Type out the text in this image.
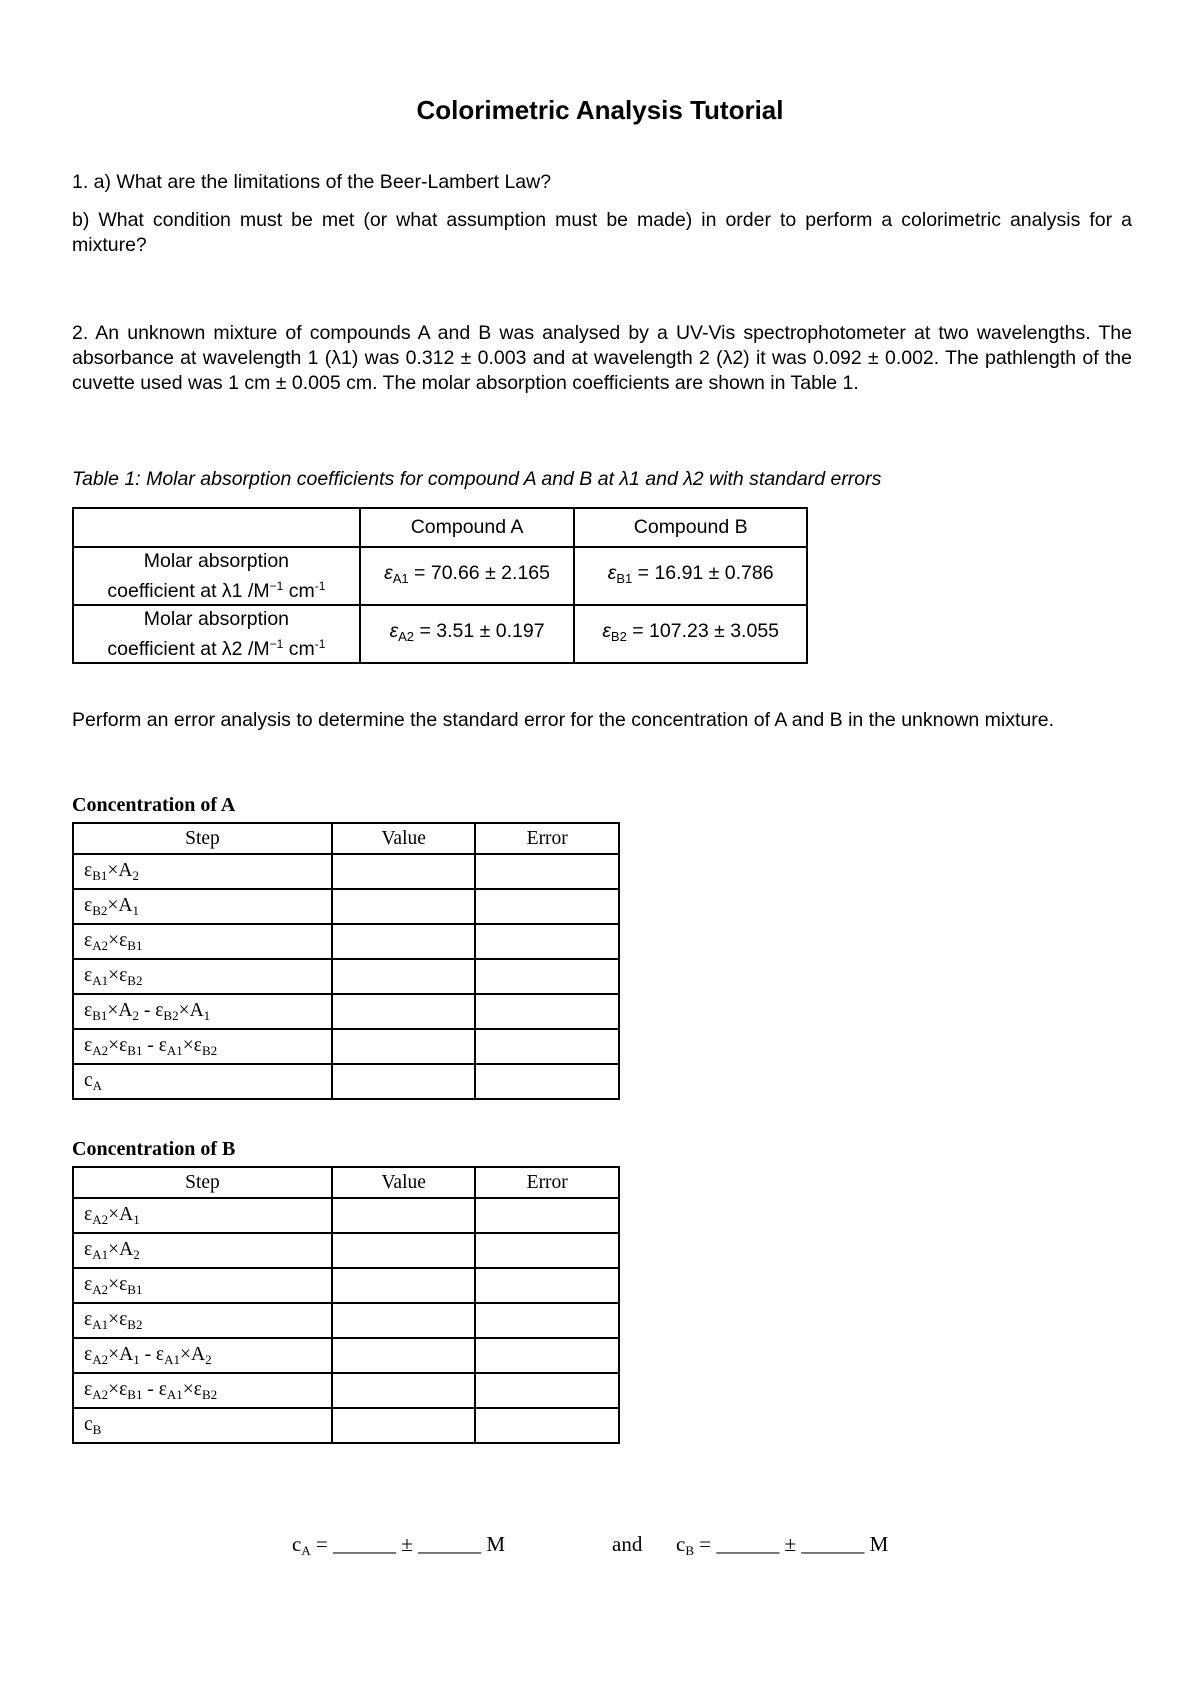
Colorimetric Analysis Tutorial
1. a) What are the limitations of the Beer-Lambert Law?
b) What condition must be met (or what assumption must be made) in order to perform a colorimetric analysis for a mixture?
2. An unknown mixture of compounds A and B was analysed by a UV-Vis spectrophotometer at two wavelengths. The absorbance at wavelength 1 (λ1) was 0.312 ± 0.003 and at wavelength 2 (λ2) it was 0.092 ± 0.002. The pathlength of the cuvette used was 1 cm ± 0.005 cm. The molar absorption coefficients are shown in Table 1.
Table 1: Molar absorption coefficients for compound A and B at λ1 and λ2 with standard errors
	Compound A	Compound B
Molar absorption
coefficient at λ1 $/M^{-1}$ $cm^{-1}$	$\varepsilon_{A1} = 70.66 \pm 2.165$	$\varepsilon_{B1} = 16.91 \pm 0.786$
Molar absorption
coefficient at λ2 $/M^{-1}$ $cm^{-1}$	$\varepsilon_{A2} = 3.51 \pm 0.197$	$\varepsilon_{B2} = 107.23 \pm 3.055$
Perform an error analysis to determine the standard error for the concentration of A and B in the unknown mixture.
Concentration of A
Step	Value	Error
$\varepsilon_{B1}\times A_2$		
$\varepsilon_{B2}\times A_1$		
$\varepsilon_{A2}\times\varepsilon_{B1}$		
$\varepsilon_{A1}\times\varepsilon_{B2}$		
$\varepsilon_{B1}\times A_2 - \varepsilon_{B2}\times A_1$		
$\varepsilon_{A2}\times\varepsilon_{B1} - \varepsilon_{A1}\times\varepsilon_{B2}$		
$c_A$		
Concentration of B
Step	Value	Error
$\varepsilon_{A2}\times A_1$		
$\varepsilon_{A1}\times A_2$		
$\varepsilon_{A2}\times\varepsilon_{B1}$		
$\varepsilon_{A1}\times\varepsilon_{B2}$		
$\varepsilon_{A2}\times A_1 - \varepsilon_{A1}\times A_2$		
$\varepsilon_{A2}\times\varepsilon_{B1} - \varepsilon_{A1}\times\varepsilon_{B2}$		
$c_B$		
$c_A$ = ______ ± ______ M	and $c_B$ = ______ ± ______ M
